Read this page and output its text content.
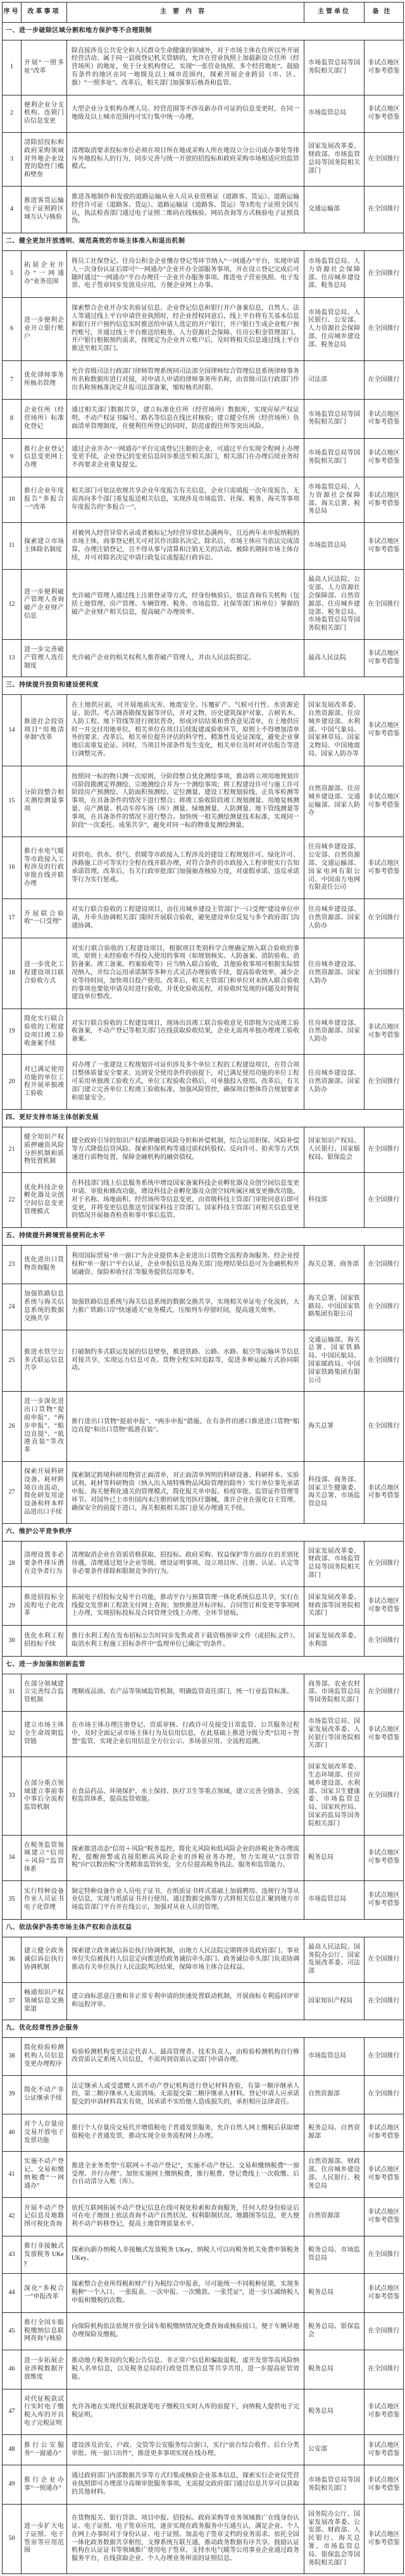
序号	改革事项	主要内容	主管单位	备注
一、进一步破除区域分割和地方保护等不合理限制				
1	开展“一照多址”改革	除直接涉及公共安全和人民群众生命健康的领域外，对于市场主体在住所以外开展经营活动、属于同一县级登记机关管辖的，允许在营业执照上加载新设立住所（经营场所）的地址，免于分支机构登记，实现“一张营业执照、多个经营地址”。鼓励有条件的地区在同一地级及以上城市范围内，探索开展企业跨县（市、区、旗）“一照多址”。改革后，相关部门加强事后核查和监管。	市场监管总局等国务院相关部门	非试点地区可参考借鉴
2	便利企业分支机构、连锁门店信息变更	大型企业分支机构办理人员、经营范围等不涉及新办许可证的信息变更时，在同一地级及以上城市范围内可实行集中统一办理。	市场监管总局	非试点地区可参考借鉴
3	清除招投标和政府采购领域对外地企业设置的隐性门槛和壁垒	清理取消要求投标单位必须在项目所在地或采购人所在地设立分公司或办事处等排斥外地投标人的行为，同步完善与统一开放的招投标和政府采购市场相适应的监管模式。	国家发展改革委、财政部、市场监管总局等国务院相关部门	在全国推行
4	推进客货运输电子证照跨区域互认与核验	推进各地制作和发放的道路运输从业人员从业资格证（道路客、货运）、道路运输经营许可证（道路客、货运）、道路运输证（道路客、货运）等3类电子证照全国互认，执法检查部门通过电子证照二维码在线核验、网站查询等方式核验电子证照真伪。	交通运输部	在全国推行
二、健全更加开放透明、规范高效的市场主体准入和退出机制				
5	拓展企业开办“一网通办”业务范围	将员工社保登记、住房公积金企业缴存登记等环节纳入“一网通办”平台，实现申请人一次身份认证后即可“一网通办”企业开办全部服务事项，并在设立登记完成后可随时通过“一网通办”平台办理任一企业开办服务事项。推进电子营业执照、电子发票、电子签章同步发放及应用，方便企业网上办事。	市场监管总局、人力资源社会保障部、住房城乡建设部、税务总局	在全国推行
6	进一步便利企业开立银行账户	探索整合企业开办实名验证信息、企业登记信息和银行开户备案信息，自然人、法人等通过线上平台申请营业执照时，经企业授权同意后，线上平台将有关基本信息和银行开户预约信息实时推送给申请人选定的开户银行，开户银行生成企业账户预约账号，并通过线上平台推送给税务、人力资源社会保障、住房公积金管理部门。开户银行根据预约需求，按规定为企业开立账户后，及时将相关信息通过线上平台推送至相关部门。	市场监管总局、人民银行、公安部、人力资源社会保障部、住房城乡建设部、税务总局	在全国推行
7	优化律师事务所核名管理	允许省级司法行政部门律师管理系统同司法部全国律师综合管理信息系统律师事务所名称数据库进行对接，对申请人申请的律师事务所名称，由省级司法行政部门作出名称预核准决定并报司法部备案，缩短核名时限。	司法部	在全国推行
8	企业住所（经营场所）标准化登记	通过相关部门数据共享，建立标准化住所（经营场所）数据库，实现房屋产权证明、不动产权证书编号、路名等信息在线比对核验；建立健全住所（经营场所）负面清单管理制度，在便利住所登记的同时，防范虚假住所等突出风险。	市场监管总局等国务院相关部门	非试点地区可参考借鉴
9	推行企业登记信息变更网上办理	通过企业开办“一网通办”平台完成登记注册的企业，可通过平台实现全程网上办理变更手续，企业登记的变更信息同步推送至相关部门，相关部门在办理后续业务时不再要求企业重复提交。	市场监管总局等国务院相关部门	非试点地区可参考借鉴
10	推行企业年度报告“多报合一”改革	相关部门可依法依规共享企业年度报告有关信息，企业只需填报一次年度报告，无需再向多个部门重复报送相关信息，实现涉及市场监管、社保、税务、海关等事项年度报告的“多报合一”。	市场监管总局、人力资源社会保障部、海关总署、税务总局	非试点地区可参考借鉴
11	探索建立市场主体除名制度	对被列入经营异常名录或者被标记为经营异常状态满两年，且近两年未申报纳税的市场主体，商事登记机关可对其作出除名决定。除名后，市场主体应当依法完成清算、办理注销登记，且不得从事与清算和注销无关的活动。被除名期间市场主体存续，并可对除名决定申请行政复议或提起行政诉讼。	市场监管总局	非试点地区可参考借鉴
12	进一步便利破产管理人查询破产企业财产信息	允许破产管理人通过线上注册登录等方式，经身份核验后，依法查询有关机构（包括土地管理、房产管理、车辆管理、税务、市场监管、社保等部门和单位）掌握的破产企业财产相关信息，提高破产办理效率。	最高人民法院、公安部、人力资源社会保障部、自然资源部、住房城乡建设部、税务总局、市场监管总局等国务院相关部门	在全国推行
13	进一步完善破产管理人选任制度	允许破产企业的相关权利人推荐破产管理人，并由人民法院指定。	最高人民法院	非试点地区可参考借鉴
三、持续提升投资和建设便利度				
14	推进社会投资项目“用地清单制”改革	在土地供应前，可开展地质灾害、地震安全、压覆矿产、气候可行性、水资源论证、防洪、考古调查勘探发掘等评估，并对文物、历史建筑保护对象、古树名木、人防工程、地下管线等进行现状普查，形成评估结果和普查意见清单，在土地供应时一并交付用地单位。相关单位在项目后续报建或验收环节，原则上不得增加清单外的要求。改革后，相关单位提升评估的科学性、精准性及论证深度，避免企业拿地后需重复论证。同时，当项目外部条件发生变化，相关单位及时对评估报告等进行调整完善。	国家发展改革委、自然资源部、住房城乡建设部、水利部、中国气象局、国家林草局、国家文物局、中国地震局、国家人防办等	非试点地区可参考借鉴
15	分阶段整合相关测绘测量事项	按照同一标的物只测一次原则，分阶段整合优化测绘事项，推动将立项用地规划许可阶段勘测定界测绘、宗地测绘合并为一个测绘事项；将工程建设许可与施工许可阶段房产预测绘、人防面积预测绘、定位测量、建设工程规划验线、正负零检测等事项，在具备条件的情况下进行整合；将竣工验收阶段竣工规划测量、用地复核测量、房产测量、机动车停车场（库）测量、绿地测量、人防测量、地下管线测量等事项，在具备条件的情况下进行整合。加快统一相关测绘测量技术标准，实现同一阶段“一次委托、成果共享”，避免对同一标的物重复测绘测量。	自然资源部、住房城乡建设部、交通运输部、国家人防办	非试点地区可参考借鉴
16	推行水电气暖等市政接入工程涉及的行政审批在线并联办理	对供电、供水、供气、供暖等市政接入工程涉及的建设工程规划许可、绿化许可、涉路施工许可等实行全程在线并联办理，对符合条件的市政接入工程审批实行告知承诺管理。改革后，有关行政审批部门加强抽查核验力度，对虚假承诺、违反承诺等行为实行惩戒。	住房城乡建设部、公安部、自然资源部、交通运输部、国家电网有限公司、中国南方电网有限责任公司	非试点地区可参考借鉴
17	开展联合验收“一口受理”	对实行联合验收的工程建设项目，由住房城乡建设主管部门“一口受理”建设单位申请，并牵头协调相关部门限时开展联合验收，避免建设单位反复与多个政府部门沟通协调。	住房城乡建设部、自然资源部、国家人防办	在全国推行
18	进一步优化工程建设项目联合验收方式	对实行联合验收的工程建设项目，根据项目类别科学合理确定纳入联合验收的事项，原则上未经验收不得投入使用的事项（如规划核实、人防备案、消防验收、消防备案、竣工备案、档案验收等）应当纳入联合验收，其他验收事项可根据实际情况纳入，并综合运用承诺制等多种方式灵活办理验收手续，提高验收效率，减少企业等待时间，加快项目投产使用。改革后，相关主管部门和单位对未纳入联合验收的事项也要依申请及时进行验收，并优化验收流程，对验收时发现的问题及时督促建设单位整改。	住房城乡建设部、自然资源部、国家人防办	在全国推行
19	简化实行联合验收的工程建设项目竣工验收备案手续	对实行联合验收的工程建设项目，现场出具竣工联合验收意见书即视为完成竣工验收备案，不动产登记等相关部门在线获取验收结果，企业无需再单独办理竣工验收备案。	住房城乡建设部、自然资源部、国家人防办	非试点地区可参考借鉴
20	对已满足使用功能的单位工程开展单独竣工验收	对办理了一张建设工程规划许可证但涉及多个单位工程的工程建设项目，在符合项目整体质量安全要求、达到安全使用条件的前提下，对已满足使用功能的单位工程可采用单独竣工验收方式，单位工程验收合格后，可单独投入使用。改革后，有关部门建立完善单位工程竣工验收标准，加强风险管控，确保项目整体符合规划要求和质量安全。	住房城乡建设部、自然资源部、国家人防办	在全国推行
四、更好支持市场主体创新发展				
21	健全知识产权质押融资风险分担机制和质物处置机制	健全政府引导的知识产权质押融资风险分担和补偿机制，综合运用担保、风险补偿等方式降低信贷风险。探索担保机构等通过质权转股权、反向许可、拍卖等方式快速进行质物处置，保障金融机构的融资债权。	国家知识产权局、人民银行、国家版权局、银保监会	在全国推行
22	优化科技企业孵化器及众创空间信息变更管理模式	在科技部门线上信息服务系统中增设国家备案科技企业孵化器及众创空间信息变更申请、审批和修改功能，增设科技企业孵化器及众创空间所属区域变更修改功能。对于名称、场地面积、经营场所等信息变更，由省级科技主管部门审批同意后即可变更，并将变更信息推送至国家科技主管部门。国家科技主管部门对相关信息变更的情况开展抽查检查和事中事后监管。	科技部	在全国推行
五、持续提升跨境贸易便利化水平				
23	优化进出口货物查询服务	利用国际贸易“单一窗口”为企业提供本企业进出口货物全流程查询服务。经企业授权和“单一窗口”平台认证，企业申报信息及海关部门处理结果信息可为金融机构开展融资、保险和收付汇等服务提供信用参考。	海关总署、商务部	在全国推行
24	加强铁路信息系统与海关信息系统的数据交换共享	加强铁路信息系统与海关信息系统的数据交换共享，实现相关单证电子化流转，大力推广铁路口岸“快速通关”业务模式，压缩列车停留时间，提高通关效率。	海关总署、国家铁路局、中国国家铁路集团有限公司	在全国推行
25	推进水铁空公多式联运信息共享	打破制约多式联运发展的信息壁垒，推进铁路、公路、水路、航空等运输环节信息对接共享，实现运力信息可查、货物全程实时追踪等，促进多种运输方式协同联动。	交通运输部、海关总署、国家铁路局、中国民航局、国家邮政局、中国国家铁路集团有限公司	在全国推行
26	进一步深化进出口货物“提前申报”、“两步申报”、“船边直提”、“抵港直装”等改革	推行进出口货物“提前申报”、“两步申报”措施。在有条件的港口推进进口货物“船边直提”和出口货物“抵港直装”。	海关总署	在全国推行
27	探索开展科研设备、耗材跨境自由流动，简化研发用途设备和样本样品进出口手续	探索制定跨境科研用物资正面清单，对正面清单列明的科研设备、科研样本、实验试剂、耗材等科研物资（纳入出入境特殊物品风险管理的除外）实行单位事先承诺申报、海关便利化通关的管理模式，简化报关单申报、检疫审批、监管证件管理等环节。对国外已上市但国内未注册的研发用医疗器械，准许企业在强化自主管理、确保安全的前提下进口，海关根据相关部门意见办理通关手续。	科技部、商务部、国家卫生健康委、海关总署、市场监管总局	非试点地区可参考借鉴
六、维护公平竞争秩序				
28	清理设置非必要条件排斥潜在竞争者行为	清理取消企业在资质资格获取、招投标、政府采购、权益保护等方面存在的差别化待遇，清理通过划分企业等级、增设证明事项、设立项目库、注册、认证、认定等非必要条件排除和限制竞争的行为。	国家发展改革委、财政部、市场监管总局等国务院相关部门	在全国推行
29	推进招投标全流程电子化改革	拓展电子招投标交易平台功能，推动平台与预算管理一体化系统信息共享，实行在线提交发票和工程款支付网上查询；加快推进开标评标、合同签订和变更等事项网上办理，实现招标投标及合同管理全线上办理、全环节留痕。	国家发展改革委、财政部等国务院相关部门	非试点地区可参考借鉴
30	优化水利工程招投标手续	推行水利工程在发布招标公告时同步发售或者下载资格预审文件（或招标文件）。取消水利工程施工招标条件中“监理单位已确定”的条件。	国家发展改革委、水利部	在全国推行
七、进一步加强和创新监管				
31	在部分领域建立完善综合监管机制	理顺成品油、农产品等领域监管机制，明确监管责任部门，统一行业监管标准。	商务部、农业农村部、市场监管总局等国务院相关部门	在全国推行
32	建立市场主体全生命周期监管链	在市场主体办理注册登记、资质审核、行政许可及接受日常监管、公共服务过程中，及时全面记录市场主体行为及信用信息，在此基础上推进分级分类“信用＋智慧”监管，实现企业信用信息全方位公示、多场景应用、全流程追溯。	市场监管总局、国家发展改革委、人民银行等国务院相关部门	非试点地区可参考借鉴
33	在部分重点领域建立事前事中事后全流程监管机制	在食品药品、环境保护、水土保持、医疗卫生等重点领域，建立完善全链条、全流程监管体系，提高监管效能。	国家发展改革委、生态环境部、住房城乡建设部、水利部、国家卫生健康委、市场监管总局、国家疾控局、国家药监局等国务院相关部门	在全国推行
34	在税务监管领域建立“信用＋风险”监管体系	探索推进动态“信用＋风险”税务监控，简化无风险和低风险企业的涉税业务办理流程，提醒预警或直接阻断高风险企业的涉税业务办理，努力实现从“以票管税”向“以数治税”分类精准监管转变，全方位提高税务执法、服务和监管能力。	税务总局	非试点地区可参考借鉴
35	实行特种设备作业人员证书电子化管理	制定特种设备作业人员电子证书，在纸质证书样式基础上加载聘用、违规行为等从业信息，实现与纸质证书并行使用。通过数据交换等方式将相关信息汇聚到地方市场监管部门平台并在线公示，加强对从业人员的管理。	市场监管总局	非试点地区可参考借鉴
八、依法保护各类市场主体产权和合法权益				
36	建立健全政务诚信诉讼执行协调机制	探索建立政务诚信诉讼执行协调机制，由地方人民法院定期将涉及政府部门、事业单位失信被执行人信息定向推送给政务诚信牵头部门。政务诚信牵头部门负责协调推动有关单位执行人民法院判决结果，保障市场主体合法权益。	最高人民法院、国务院办公厅、国家发展改革委、司法部	在全国推行
37	畅通知识产权领域信息交换渠道	建立商标恶意注册和非正常专利申请的快速处置联动机制，开展商标专利巡回评审和远程评审。	国家知识产权局	在全国推行
九、优化经常性涉企服务				
38	简化检验检测机构人员信息变更办理程序	检验检测机构变更法定代表人、最高管理者、技术负责人，由检验检测机构自行修改资质认定系统人员信息，不需再到资质认定部门申请办理。	市场监管总局	在全国推行
39	简化不动产非公证继承手续	法定继承人或受遗赠人到不动产登记机构进行登记材料查验，有第一顺序继承人的，第二顺序继承人无需到场，无需提交第二顺序继承人材料。登记申请人应承诺提交的申请材料真实有效，因承诺不实给他人造成损失的，承担相应法律责任。	自然资源部	在全国推行
40	对个人存量房交易开放电子发票功能	推行个人存量房交易代开增值税电子普通发票服务，允许自然人网上缴税后获取增值税电子普通发票，推动实现全业务流程网上办理。	税务总局、自然资源部	非试点地区可参考借鉴
41	实施不动产登记、交易和缴纳税费“一网通办”	推进全业务类型“互联网＋不动产登记”，实施不动产登记、交易和缴纳税费“一窗受理、并行办理”。加快实施网上缴纳税费，推行税费、登记费线上一次收缴、后台自动清分入账（库）。	自然资源部、财政部、住房城乡建设部、人民银行、税务总局	非试点地区可参考借鉴
42	开展不动产登记信息及地籍图可视化查询	依托互联网拓展不动产登记信息在线可视化检索和查询服务，任何人经身份验证后可在电子地图上依法查询不动产自然状况、权利限制状况、地籍图等信息，更大便利不动产转移登记，提高土地管理质量水平。	自然资源部	非试点地区可参考借鉴
43	推行非接触式发放税务 UKey	探索向新办纳税人非接触式发放税务 UKey，纳税人可以向税务机关免费申领税务 UKey。	税务总局、市场监管总局	在全国推行
44	深化“多税合一”申报改革	探索整合企业所得税和财产行为税综合申报表，尽可能统一不同税种征期，实现多税种“一个入口、一张报表、一次申报、一次缴款、一张凭证”，进一步压减纳税人申报和缴税的次数。	税务总局	非试点地区可参考借鉴
45	推行全国车船税缴纳信息联网查询与核验	向保险机构依法依规开放全国车船税缴纳情况免费查询或核验接口，便于车辆异地办理保险及缴税。	税务总局、银保监会	在全国推行
46	进一步拓展企业涉税数据开放维度	推动地方税务局的欠税公告信息、非正常户信息和骗取退税、虚开发票等高风险纳税人名单信息，以及税务总局的行政处罚类信息等共享共用，进一步提高征管效能。	税务总局	在全国推行
47	对代征税款试行实时电子缴税入库的开具电子完税证明	允许各地在实现代征税款逐笔电子缴税且实时入库的前提下，向纳税人提供电子完税证明。	税务总局	非试点地区可参考借鉴
48	推行公安服务“一窗通办”	建设涉及治安、户政、交管等公安服务综合窗口，实行“前台综合收件、后台分类审批、统一窗口出件”，推进更多事项实现在线办理。	公安部	非试点地区可参考借鉴
49	推行企业办事“一照通办”	通过政府部门内部数据共享等方式归集或核验企业基本信息，探索实行企业仅凭营业执照即可办理部分高频审批服务事项，无需提交政府部门通过信息共享可以获取的其他材料。	市场监管总局等国务院相关部门	非试点地区可参考借鉴
50	进一步扩大电子证照、电子签章等应用范围	在货物报关、银行贷款、项目申报、招投标、政府采购等业务领域推广在线身份认证、电子证照、电子签章应用，逐步实现在政务服务中互通互认，满足企业、个人在网上办事时对于身份认证、电子证照、加盖电子签章文档的业务需求。依托全国一体化政务数据共享枢纽，支撑系统互联互通，推动政务数据有序共享。鼓励认证机构在认证证书等领域推广使用电子签章，支持水电气暖等公用事业企业通过政务服务平台，在线获取企业、个人办理业务所需的证照信息。	国务院办公厅、国家发展改革委、公安部、财政部、人民银行、海关总署、市场监管总局、银保监会等国务院相关部门	非试点地区可参考借鉴
